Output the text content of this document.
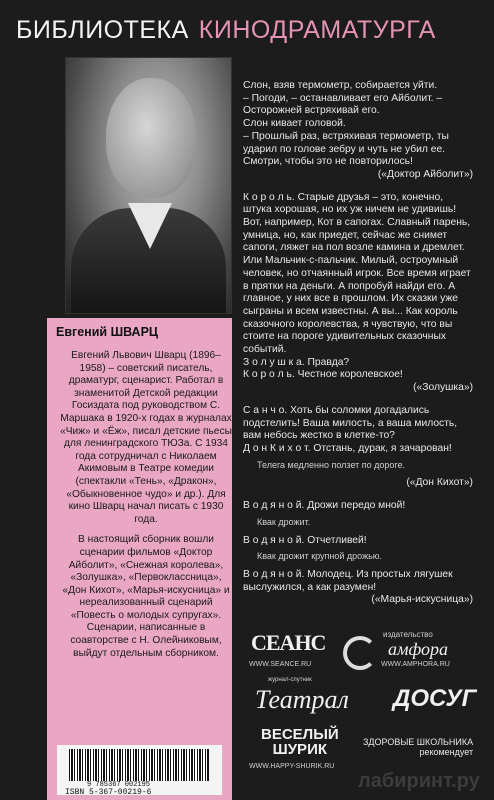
БИБЛИОТЕКА КИНОДРАМАТУРГА
Евгений ШВАРЦ

Евгений Львович Шварц (1896–1958) – советский писатель, драматург, сценарист. Работал в знаменитой Детской редакции Госиздата под руководством С. Маршака в 1920-х годах в журналах «Чиж» и «Ёж», писал детские пьесы для ленинградского ТЮЗа. С 1934 года сотрудничал с Николаем Акимовым в Театре комедии (спектакли «Тень», «Дракон», «Обыкновенное чудо» и др.). Для кино Шварц начал писать с 1930 года.

В настоящий сборник вошли сценарии фильмов «Доктор Айболит», «Снежная королева», «Золушка», «Первоклассница», «Дон Кихот», «Марья-искусница» и нереализованный сценарий «Повесть о молодых супругах». Сценарии, написанные в соавторстве с Н. Олейниковым, выйдут отдельным сборником.

9 785367 002195
ISBN 5-367-00219-6

Слон, взяв термометр, собирается уйти.
– Погоди, – останавливает его Айболит. – Осторожней встряхивай его.
Слон кивает головой.
– Прошлый раз, встряхивая термометр, ты ударил по голове зебру и чуть не убил ее. Смотри, чтобы это не повторилось!

(«Доктор Айболит»)

К о р о л ь. Старые друзья – это, конечно, штука хорошая, но их уж ничем не удивишь! Вот, например, Кот в сапогах. Славный парень, умница, но, как приедет, сейчас же снимет сапоги, ляжет на пол возле камина и дремлет. Или Мальчик-с-пальчик. Милый, остроумный человек, но отчаянный игрок. Все время играет в прятки на деньги. А попробуй найди его. А главное, у них все в прошлом. Их сказки уже сыграны и всем известны. А вы... Как король сказочного королевства, я чувствую, что вы стоите на пороге удивительных сказочных событий.
З о л у ш к а. Правда?
К о р о л ь. Честное королевское!

(«Золушка»)

С а н ч о. Хоть бы соломки догадались подстелить! Ваша милость, а ваша милость, вам небось жестко в клетке-то?
Д о н К и х о т. Отстань, дурак, я зачарован!

Телега медленно ползет по дороге.

(«Дон Кихот»)

В о д я н о й. Дрожи передо мной!

Квак дрожит.

В о д я н о й. Отчетливей!

Квак дрожит крупной дрожью.

В о д я н о й. Молодец. Из простых лягушек выслужился, а как разумен!

(«Марья-искусница»)

СЕАНС
WWW.SEANCE.RU
издательство
амфора
WWW.AMPHORA.RU
журнал-спутник
Театрал ДОСУГ
ВЕСЕЛЫЙ
ШУРИК
WWW.HAPPY-SHURIK.RU
ЗДОРОВЫЕ ШКОЛЬНИКА
рекомендует
лабиринт.ру
